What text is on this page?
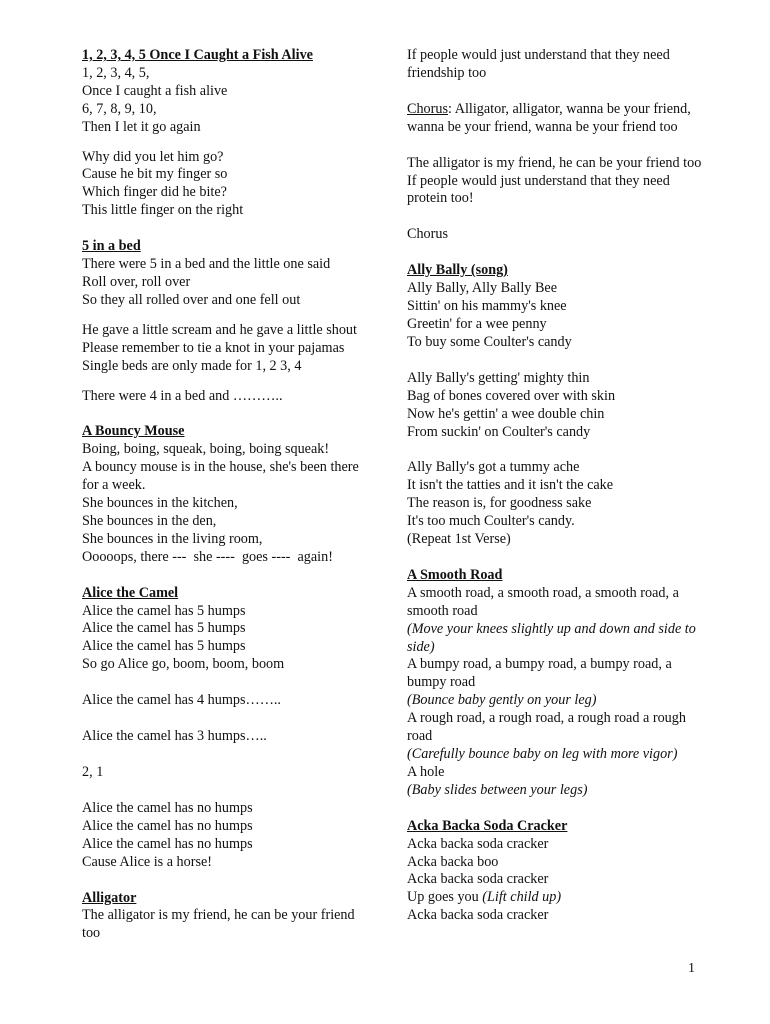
1, 2, 3, 4, 5 Once I Caught a Fish Alive
1, 2, 3, 4, 5,
Once I caught a fish alive
6, 7, 8, 9, 10,
Then I let it go again
Why did you let him go?
Cause he bit my finger so
Which finger did he bite?
This little finger on the right
5 in a bed
There were 5 in a bed and the little one said
Roll over, roll over
So they all rolled over and one fell out
He gave a little scream and he gave a little shout
Please remember to tie a knot in your pajamas
Single beds are only made for 1, 2 3, 4
There were 4 in a bed and ………..
A Bouncy Mouse
Boing, boing, squeak, boing, boing squeak!
A bouncy mouse is in the house, she's been there for a week.
She bounces in the kitchen,
She bounces in the den,
She bounces in the living room,
Ooooops, there ---  she ----  goes ----  again!
Alice the Camel
Alice the camel has 5 humps
Alice the camel has 5 humps
Alice the camel has 5 humps
So go Alice go, boom, boom, boom
Alice the camel has 4 humps……..
Alice the camel has 3 humps…..
2, 1
Alice the camel has no humps
Alice the camel has no humps
Alice the camel has no humps
Cause Alice is a horse!
Alligator
The alligator is my friend, he can be your friend too
If people would just understand that they need friendship too
Chorus: Alligator, alligator, wanna be your friend, wanna be your friend, wanna be your friend too
The alligator is my friend, he can be your friend too
If people would just understand that they need protein too!
Chorus
Ally Bally (song)
Ally Bally, Ally Bally Bee
Sittin' on his mammy's knee
Greetin' for a wee penny
To buy some Coulter's candy
Ally Bally's getting' mighty thin
Bag of bones covered over with skin
Now he's gettin' a wee double chin
From suckin' on Coulter's candy
Ally Bally's got a tummy ache
It isn't the tatties and it isn't the cake
The reason is, for goodness sake
It's too much Coulter's candy.
(Repeat 1st Verse)
A Smooth Road
A smooth road, a smooth road, a smooth road, a smooth road
(Move your knees slightly up and down and side to side)
A bumpy road, a bumpy road, a bumpy road, a bumpy road
(Bounce baby gently on your leg)
A rough road, a rough road, a rough road a rough road
(Carefully bounce baby on leg with more vigor)
A hole
(Baby slides between your legs)
Acka Backa Soda Cracker
Acka backa soda cracker
Acka backa boo
Acka backa soda cracker
Up goes you (Lift child up)
Acka backa soda cracker
1
